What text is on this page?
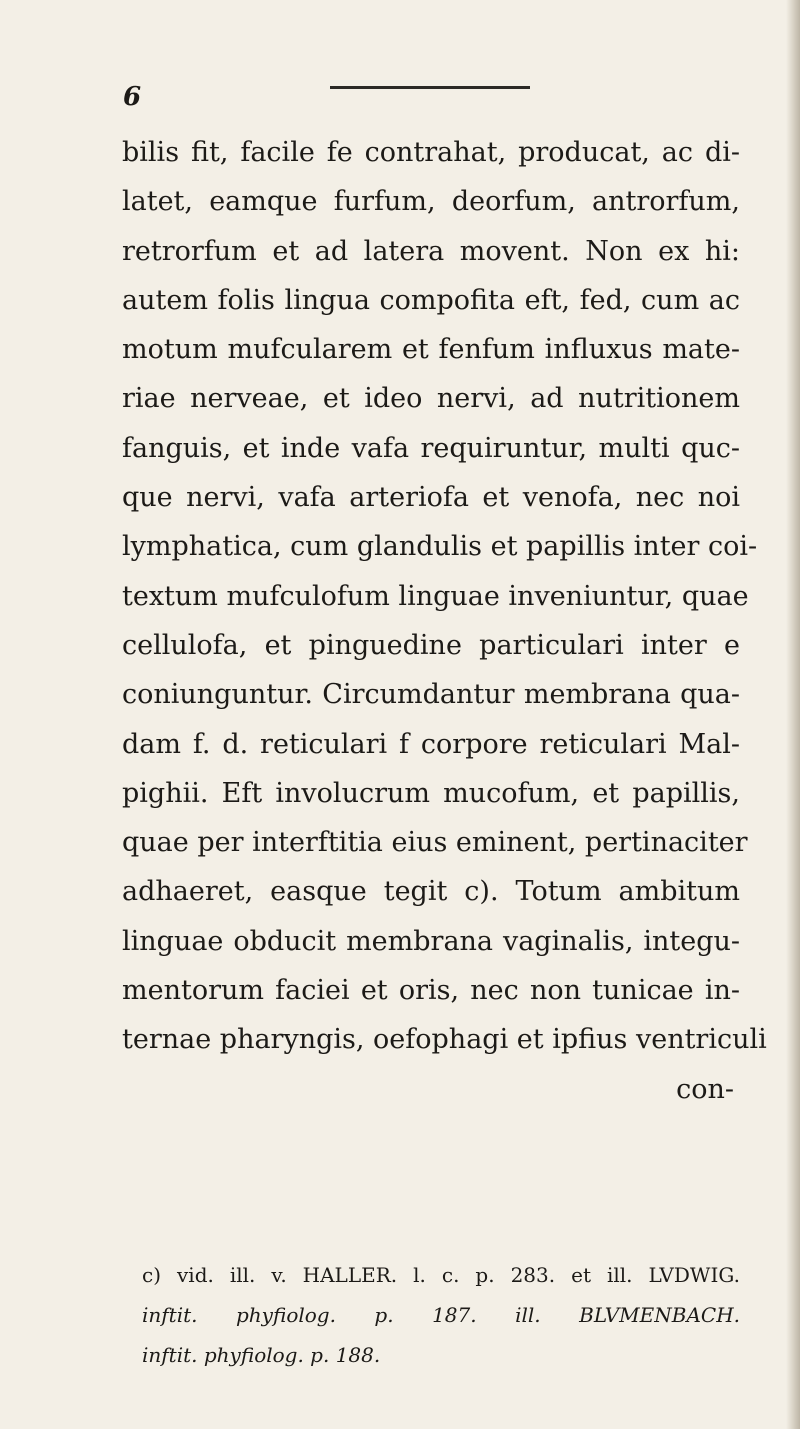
6
bilis fit, facile fe contrahat, producat, ac di-
latet, eamque furfum, deorfum, antrorfum,
retrorfum et ad latera movent. Non ex hi:
autem folis lingua compofita eft, fed, cum ac
motum mufcularem et fenfum influxus mate-
riae nerveae, et ideo nervi, ad nutritionem
fanguis, et inde vafa requiruntur, multi quc-
que nervi, vafa arteriofa et venofa, nec noi
lymphatica, cum glandulis et papillis inter coi-
textum mufculofum linguae inveniuntur, quae
cellulofa, et pinguedine particulari inter e
coniunguntur. Circumdantur membrana qua-
dam f. d. reticulari f corpore reticulari Mal-
pighii. Eft involucrum mucofum, et papillis,
quae per interftitia eius eminent, pertinaciter
adhaeret, easque tegit c). Totum ambitum
linguae obducit membrana vaginalis, integu-
mentorum faciei et oris, nec non tunicae in-
ternae pharyngis, oefophagi et ipfius ventriculi
con-
c) vid. ill. v. HALLER. l. c. p. 283. et ill. LVDWIG.
inftit. phyfiolog. p. 187. ill. BLVMENBACH.
inftit. phyfiolog. p. 188.
